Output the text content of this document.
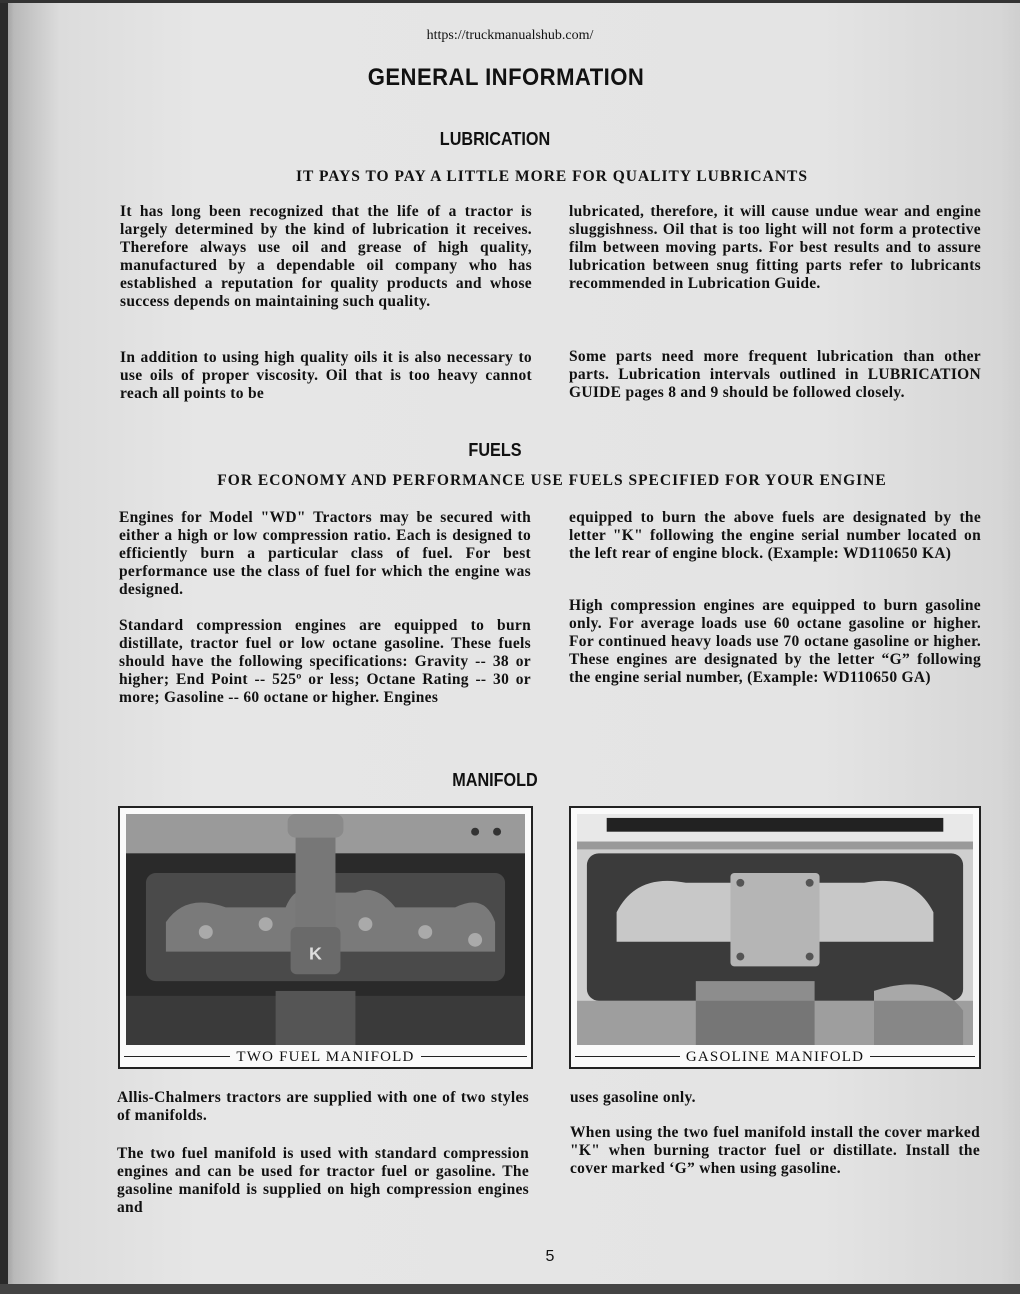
https://truckmanualshub.com/
GENERAL INFORMATION
LUBRICATION
IT PAYS TO PAY A LITTLE MORE FOR QUALITY LUBRICANTS

It has long been recognized that the life of a tractor is largely determined by the kind of lubrication it receives. Therefore always use oil and grease of high quality, manufactured by a dependable oil company who has established a reputation for quality products and whose success depends on maintaining such quality.

In addition to using high quality oils it is also necessary to use oils of proper viscosity. Oil that is too heavy cannot reach all points to be

lubricated, therefore, it will cause undue wear and engine sluggishness. Oil that is too light will not form a protective film between moving parts. For best results and to assure lubrication between snug fitting parts refer to lubricants recommended in Lubrication Guide.

Some parts need more frequent lubrication than other parts. Lubrication intervals outlined in LUBRICATION GUIDE pages 8 and 9 should be followed closely.

FUELS
FOR ECONOMY AND PERFORMANCE USE FUELS SPECIFIED FOR YOUR ENGINE

Engines for Model "WD" Tractors may be secured with either a high or low compression ratio. Each is designed to efficiently burn a particular class of fuel. For best performance use the class of fuel for which the engine was designed.

Standard compression engines are equipped to burn distillate, tractor fuel or low octane gasoline. These fuels should have the following specifications: Gravity -- 38 or higher; End Point -- 525º or less; Octane Rating -- 30 or more; Gasoline -- 60 octane or higher. Engines

equipped to burn the above fuels are designated by the letter "K" following the engine serial number located on the left rear of engine block. (Example: WD110650 KA)

High compression engines are equipped to burn gasoline only. For average loads use 60 octane gasoline or higher. For continued heavy loads use 70 octane gasoline or higher. These engines are designated by the letter “G” following the engine serial number, (Example: WD110650 GA)

MANIFOLD
K
TWO FUEL MANIFOLD	GASOLINE MANIFOLD

Allis-Chalmers tractors are supplied with one of two styles of manifolds.

The two fuel manifold is used with standard compression engines and can be used for tractor fuel or gasoline. The gasoline manifold is supplied on high compression engines and

uses gasoline only.

When using the two fuel manifold install the cover marked "K" when burning tractor fuel or distillate. Install the cover marked ‘G” when using gasoline.

5
